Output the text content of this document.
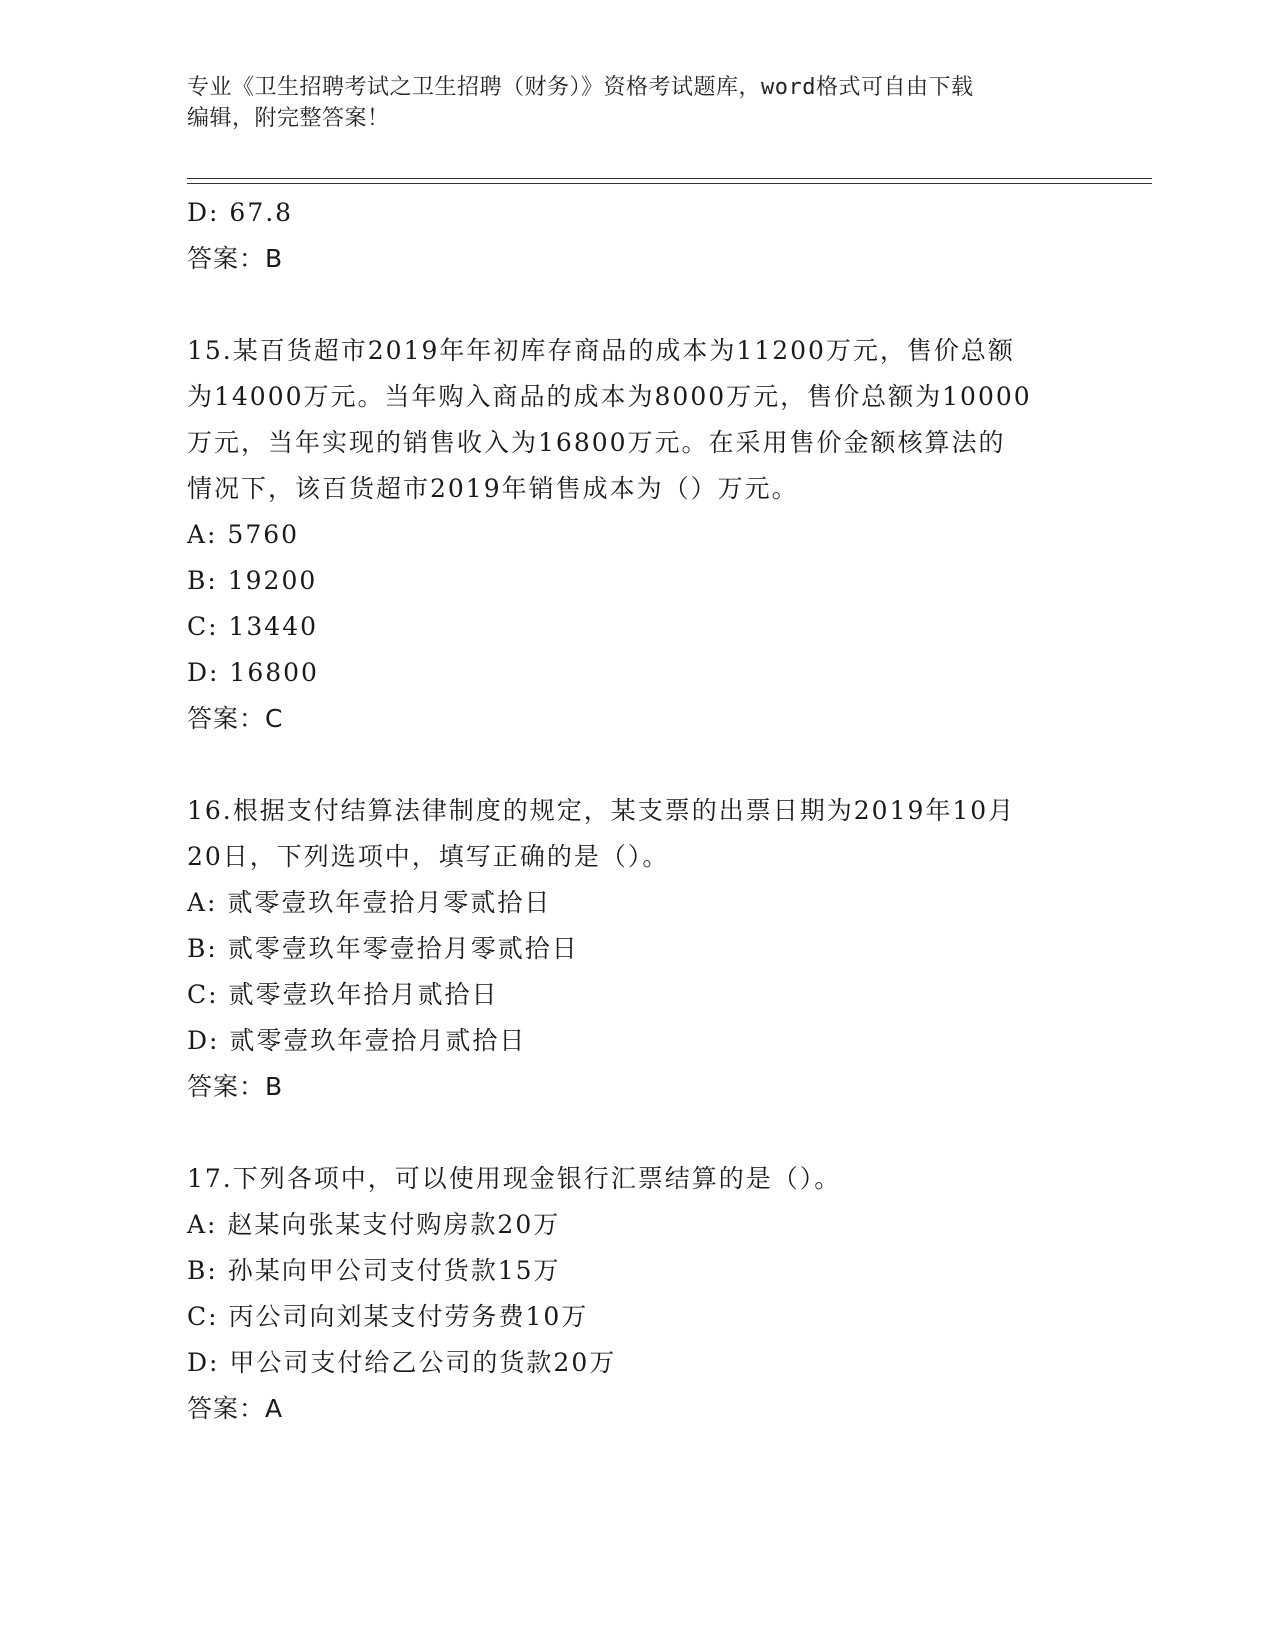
专业《卫生招聘考试之卫生招聘（财务）》资格考试题库，word格式可自由下载
编辑，附完整答案！
D: 67.8
答案：B
15.某百货超市2019年年初库存商品的成本为11200万元，售价总额
为14000万元。当年购入商品的成本为8000万元，售价总额为10000
万元，当年实现的销售收入为16800万元。在采用售价金额核算法的
情况下，该百货超市2019年销售成本为（）万元。
A: 5760
B: 19200
C: 13440
D: 16800
答案：C
16.根据支付结算法律制度的规定，某支票的出票日期为2019年10月
20日，下列选项中，填写正确的是（）。
A: 贰零壹玖年壹拾月零贰拾日
B: 贰零壹玖年零壹拾月零贰拾日
C: 贰零壹玖年拾月贰拾日
D: 贰零壹玖年壹拾月贰拾日
答案：B
17.下列各项中，可以使用现金银行汇票结算的是（）。
A: 赵某向张某支付购房款20万
B: 孙某向甲公司支付货款15万
C: 丙公司向刘某支付劳务费10万
D: 甲公司支付给乙公司的货款20万
答案：A
